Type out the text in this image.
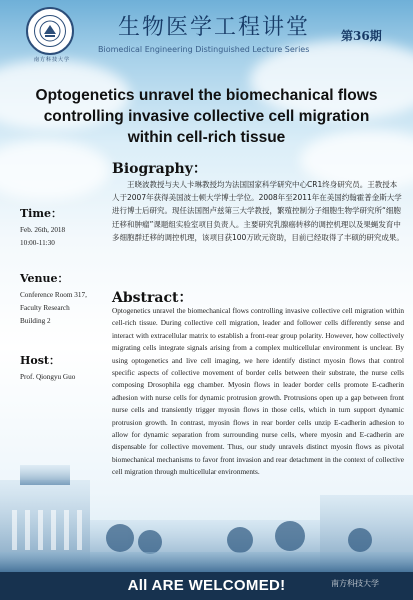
南方科技大学
生物医学工程讲堂	第36期
Biomedical Engineering Distinguished Lecture Series
Optogenetics unravel the biomechanical flows controlling invasive collective cell migration within cell-rich tissue
Biography：
王晓波教授与夫人卡琳教授均为法国国家科学研究中心CR1终身研究员。王教授本人于2007年获得美国波士顿大学博士学位。2008年至2011年在美国约翰霍普金斯大学进行博士后研究。现任法国图卢兹第三大学教授，繁殖控制分子细胞生物学研究所“细胞迁移和肿瘤”课题组实验室项目负责人。主要研究乳腺癌转移的调控机理以及果蝇发育中多细胞群迁移的调控机理，该项目获100万欧元资助，目前已经取得了丰硕的研究成果。
Time：
Feb. 26th, 2018
10:00-11:30
Venue：
Conference Room 317,
Faculty Research
Building 2
Host：
Prof. Qiongyu Guo
Abstract：
Optogenetics unravel the biomechanical flows controlling invasive collective cell migration within cell-rich tissue. During collective cell migration, leader and follower cells differently sense and interact with extracellular matrix to establish a front-rear group polarity. However, how collectively migrating cells integrate signals arising from a complex multicellular environment is unclear. By using optogenetics and live cell imaging, we here identify distinct myosin flows that control specific aspects of collective movement of border cells between their substrate, the nurse cells composing Drosophila egg chamber. Myosin flows in leader border cells promote E-cadherin adhesion with nurse cells for dynamic protrusion growth. Protrusions open up a gap between front nurse cells and transiently trigger myosin flows in those cells, which in turn support dynamic protrusion growth. In contrast, myosin flows in rear border cells unzip E-cadherin adhesion to allow for dynamic separation from surrounding nurse cells, where myosin and E-cadherin are dispensable for collective movement. Thus, our study unravels distinct myosin flows as pivotal biomechanical mechanisms to favor front invasion and rear detachment in the context of collective cell migration through multicellular environments.
All ARE WELCOMED!	南方科技大学
